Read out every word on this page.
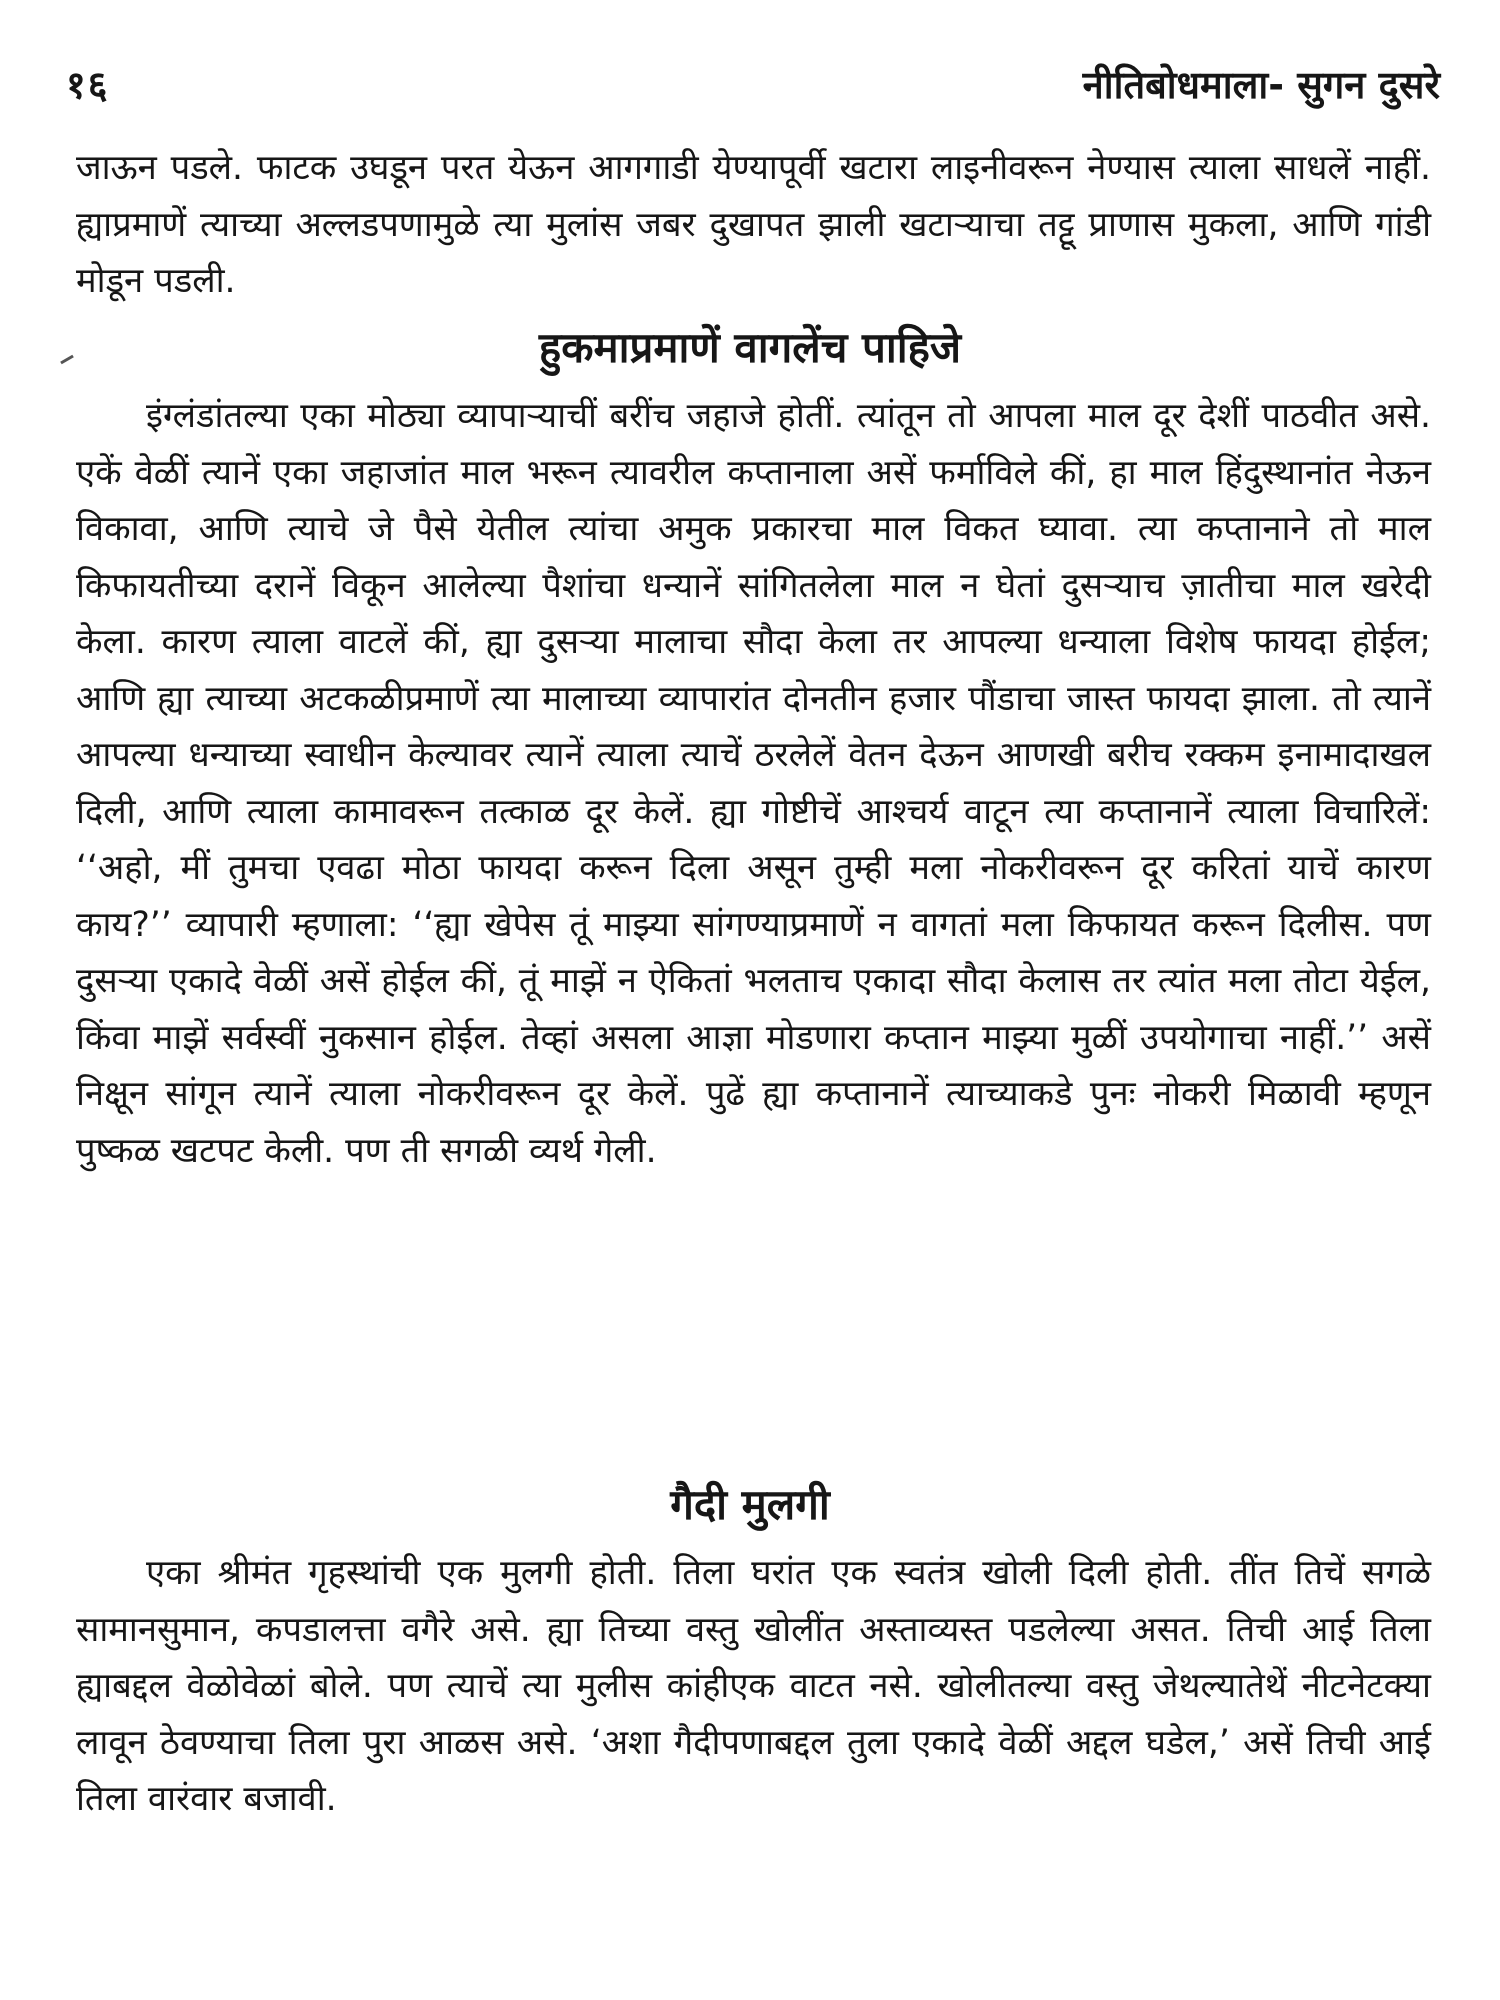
१६	नीतिबोधमाला- सुगन दुसरे

जाऊन पडले. फाटक उघडून परत येऊन आगगाडी येण्यापूर्वी खटारा लाइनीवरून नेण्यास त्याला साधलें नाहीं. ह्याप्रमाणें त्याच्या अल्लडपणामुळे त्या मुलांस जबर दुखापत झाली खटाऱ्याचा तट्टू प्राणास मुकला, आणि गांडी मोडून पडली.

हुकमाप्रमाणें वागलेंच पाहिजे

इंग्लंडांतल्या एका मोठ्या व्यापाऱ्याचीं बरींच जहाजे होतीं. त्यांतून तो आपला माल दूर देशीं पाठवीत असे. एकें वेळीं त्यानें एका जहाजांत माल भरून त्यावरील कप्तानाला असें फर्माविले कीं, हा माल हिंदुस्थानांत नेऊन विकावा, आणि त्याचे जे पैसे येतील त्यांचा अमुक प्रकारचा माल विकत घ्यावा. त्या कप्तानाने तो माल किफायतीच्या दरानें विकून आलेल्या पैशांचा धन्यानें सांगितलेला माल न घेतां दुसऱ्याच ज़ातीचा माल खरेदी केला. कारण त्याला वाटलें कीं, ह्या दुसऱ्या मालाचा सौदा केला तर आपल्या धन्याला विशेष फायदा होईल; आणि ह्या त्याच्या अटकळीप्रमाणें त्या मालाच्या व्यापारांत दोनतीन हजार पौंडाचा जास्त फायदा झाला. तो त्यानें आपल्या धन्याच्या स्वाधीन केल्यावर त्यानें त्याला त्याचें ठरलेलें वेतन देऊन आणखी बरीच रक्कम इनामादाखल दिली, आणि त्याला कामावरून तत्काळ दूर केलें. ह्या गोष्टीचें आश्चर्य वाटून त्या कप्तानानें त्याला विचारिलें: ‘‘अहो, मीं तुमचा एवढा मोठा फायदा करून दिला असून तुम्ही मला नोकरीवरून दूर करितां याचें कारण काय?’’ व्यापारी म्हणाला: ‘‘ह्या खेपेस तूं माझ्या सांगण्याप्रमाणें न वागतां मला किफायत करून दिलीस. पण दुसऱ्या एकादे वेळीं असें होईल कीं, तूं माझें न ऐकितां भलताच एकादा सौदा केलास तर त्यांत मला तोटा येईल, किंवा माझें सर्वस्वीं नुकसान होईल. तेव्हां असला आज्ञा मोडणारा कप्तान माझ्या मुळीं उपयोगाचा नाहीं.’’ असें निक्षून सांगून त्यानें त्याला नोकरीवरून दूर केलें. पुढें ह्या कप्तानानें त्याच्याकडे पुनः नोकरी मिळावी म्हणून पुष्कळ खटपट केली. पण ती सगळी व्यर्थ गेली.

गैदी मुलगी

एका श्रीमंत गृहस्थांची एक मुलगी होती. तिला घरांत एक स्वतंत्र खोली दिली होती. तींत तिचें सगळे सामानसुमान, कपडालत्ता वगैरे असे. ह्या तिच्या वस्तु खोलींत अस्ताव्यस्त पडलेल्या असत. तिची आई तिला ह्याबद्दल वेळोवेळां बोले. पण त्याचें त्या मुलीस कांहीएक वाटत नसे. खोलीतल्या वस्तु जेथल्यातेथें नीटनेटक्या लावून ठेवण्याचा तिला पुरा आळस असे. ‘अशा गैदीपणाबद्दल तुला एकादे वेळीं अद्दल घडेल,’ असें तिची आई तिला वारंवार बजावी.
